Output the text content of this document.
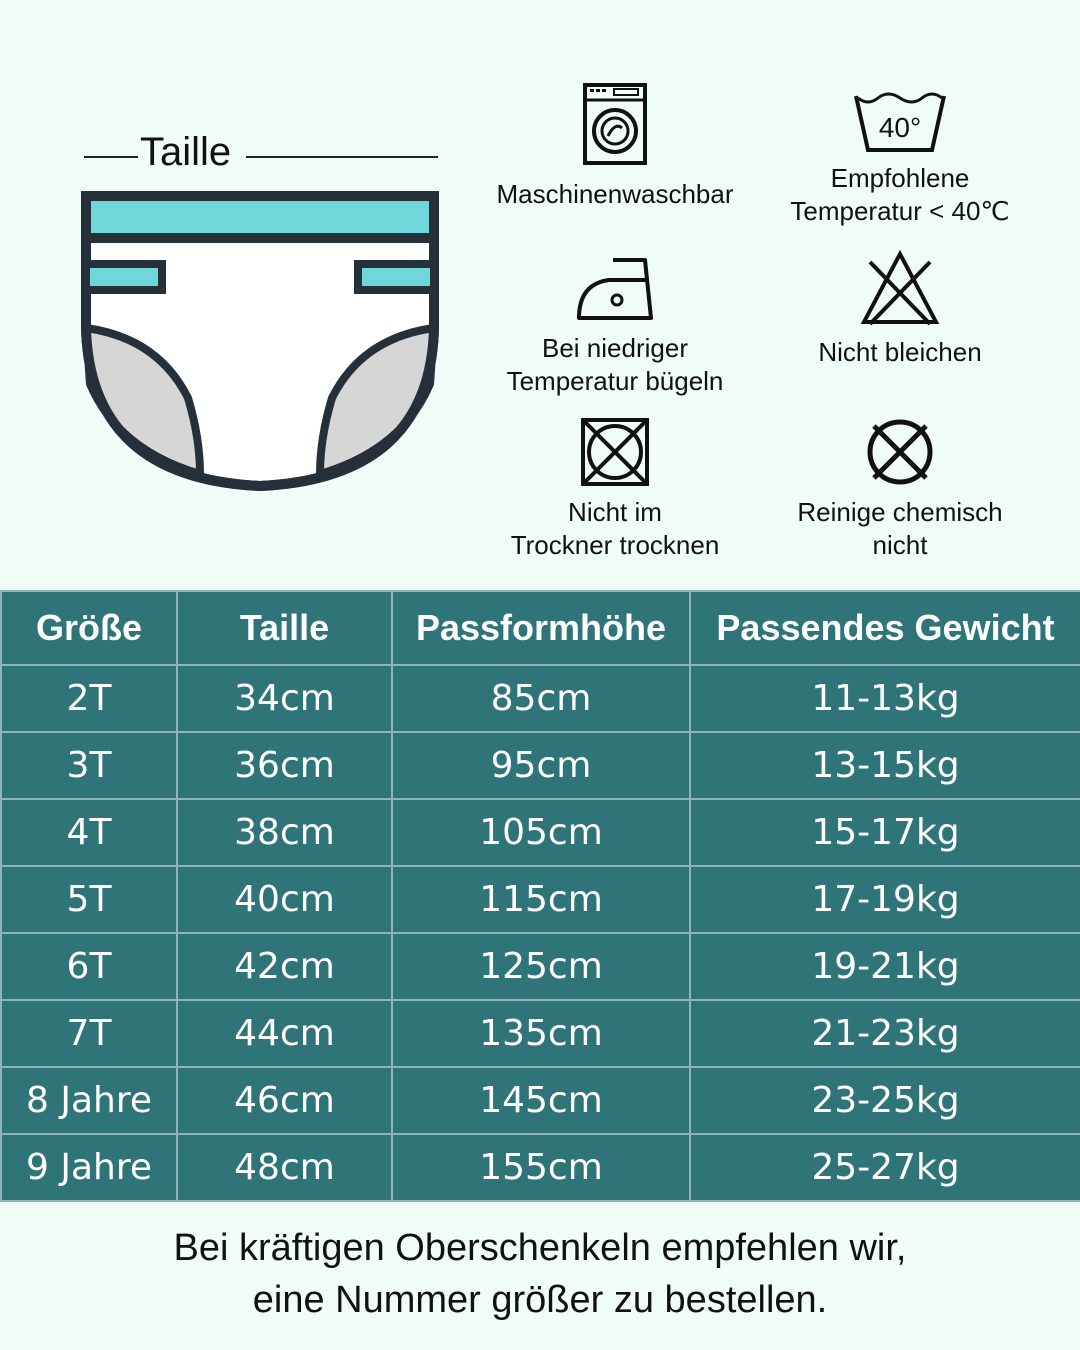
Taille
Maschinenwaschbar
40°
Empfohlene
Temperatur < 40℃
Bei niedriger
Temperatur bügeln
Nicht bleichen
Nicht im
Trockner trocknen
Reinige chemisch
nicht
Größe	Taille	Passformhöhe	Passendes Gewicht
2T	34cm	85cm	11-13kg
3T	36cm	95cm	13-15kg
4T	38cm	105cm	15-17kg
5T	40cm	115cm	17-19kg
6T	42cm	125cm	19-21kg
7T	44cm	135cm	21-23kg
8 Jahre	46cm	145cm	23-25kg
9 Jahre	48cm	155cm	25-27kg
Bei kräftigen Oberschenkeln empfehlen wir,
eine Nummer größer zu bestellen.
